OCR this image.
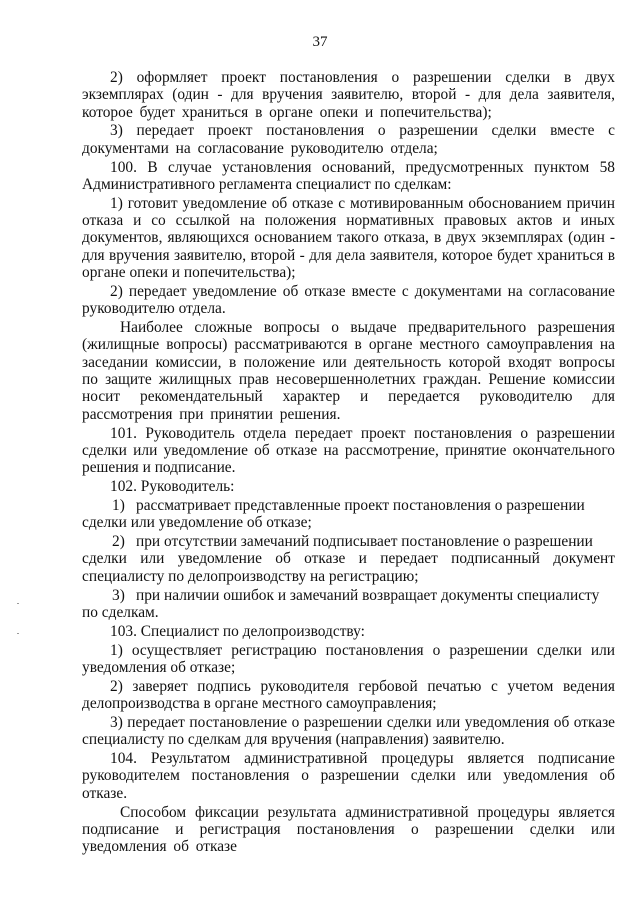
37

2) оформляет проект постановления о разрешении сделки в двух экземплярах (один - для вручения заявителю, второй - для дела заявителя, которое будет храниться в органе опеки и попечительства);

3) передает проект постановления о разрешении сделки вместе с документами на согласование руководителю отдела;

100. В случае установления оснований, предусмотренных пунктом 58 Административного регламента специалист по сделкам:

1) готовит уведомление об отказе с мотивированным обоснованием причин отказа и со ссылкой на положения нормативных правовых актов и иных документов, являющихся основанием такого отказа, в двух экземплярах (один - для вручения заявителю, второй - для дела заявителя, которое будет храниться в органе опеки и попечительства);

2) передает уведомление об отказе вместе с документами на согласование руководителю отдела.

Наиболее сложные вопросы о выдаче предварительного разрешения (жилищные вопросы) рассматриваются в органе местного самоуправления на заседании комиссии, в положение или деятельность которой входят вопросы по защите жилищных прав несовершеннолетних граждан. Решение комиссии носит рекомендательный характер и передается руководителю для рассмотрения при принятии решения.

101. Руководитель отдела передает проект постановления о разрешении сделки или уведомление об отказе на рассмотрение, принятие окончательного решения и подписание.

102. Руководитель:

1) рассматривает представленные проект постановления о разрешении
сделки или уведомление об отказе;
2) при отсутствии замечаний подписывает постановление о разрешении
сделки или уведомление об отказе и передает подписанный документ специалисту по делопроизводству на регистрацию;
3) при наличии ошибок и замечаний возвращает документы специалисту
по сделкам.

103. Специалист по делопроизводству:

1) осуществляет регистрацию постановления о разрешении сделки или уведомления об отказе;

2) заверяет подпись руководителя гербовой печатью с учетом ведения делопроизводства в органе местного самоуправления;

3) передает постановление о разрешении сделки или уведомления об отказе специалисту по сделкам для вручения (направления) заявителю.

104. Результатом административной процедуры является подписание руководителем постановления о разрешении сделки или уведомления об отказе.

Способом фиксации результата административной процедуры является подписание и регистрация постановления о разрешении сделки или уведомления об отказе
